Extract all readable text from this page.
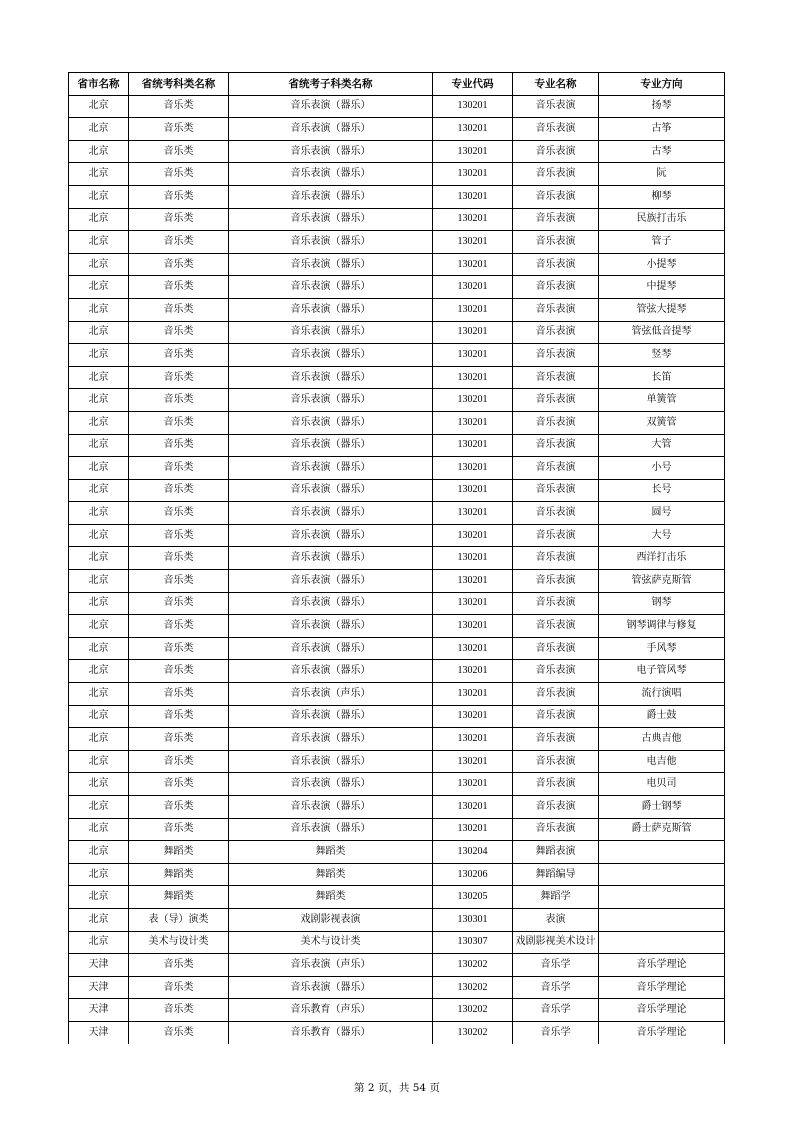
省市名称	省统考科类名称	省统考子科类名称	专业代码	专业名称	专业方向
北京	音乐类	音乐表演（器乐）	130201	音乐表演	扬琴
北京	音乐类	音乐表演（器乐）	130201	音乐表演	古筝
北京	音乐类	音乐表演（器乐）	130201	音乐表演	古琴
北京	音乐类	音乐表演（器乐）	130201	音乐表演	阮
北京	音乐类	音乐表演（器乐）	130201	音乐表演	柳琴
北京	音乐类	音乐表演（器乐）	130201	音乐表演	民族打击乐
北京	音乐类	音乐表演（器乐）	130201	音乐表演	管子
北京	音乐类	音乐表演（器乐）	130201	音乐表演	小提琴
北京	音乐类	音乐表演（器乐）	130201	音乐表演	中提琴
北京	音乐类	音乐表演（器乐）	130201	音乐表演	管弦大提琴
北京	音乐类	音乐表演（器乐）	130201	音乐表演	管弦低音提琴
北京	音乐类	音乐表演（器乐）	130201	音乐表演	竖琴
北京	音乐类	音乐表演（器乐）	130201	音乐表演	长笛
北京	音乐类	音乐表演（器乐）	130201	音乐表演	单簧管
北京	音乐类	音乐表演（器乐）	130201	音乐表演	双簧管
北京	音乐类	音乐表演（器乐）	130201	音乐表演	大管
北京	音乐类	音乐表演（器乐）	130201	音乐表演	小号
北京	音乐类	音乐表演（器乐）	130201	音乐表演	长号
北京	音乐类	音乐表演（器乐）	130201	音乐表演	圆号
北京	音乐类	音乐表演（器乐）	130201	音乐表演	大号
北京	音乐类	音乐表演（器乐）	130201	音乐表演	西洋打击乐
北京	音乐类	音乐表演（器乐）	130201	音乐表演	管弦萨克斯管
北京	音乐类	音乐表演（器乐）	130201	音乐表演	钢琴
北京	音乐类	音乐表演（器乐）	130201	音乐表演	钢琴调律与修复
北京	音乐类	音乐表演（器乐）	130201	音乐表演	手风琴
北京	音乐类	音乐表演（器乐）	130201	音乐表演	电子管风琴
北京	音乐类	音乐表演（声乐）	130201	音乐表演	流行演唱
北京	音乐类	音乐表演（器乐）	130201	音乐表演	爵士鼓
北京	音乐类	音乐表演（器乐）	130201	音乐表演	古典吉他
北京	音乐类	音乐表演（器乐）	130201	音乐表演	电吉他
北京	音乐类	音乐表演（器乐）	130201	音乐表演	电贝司
北京	音乐类	音乐表演（器乐）	130201	音乐表演	爵士钢琴
北京	音乐类	音乐表演（器乐）	130201	音乐表演	爵士萨克斯管
北京	舞蹈类	舞蹈类	130204	舞蹈表演	
北京	舞蹈类	舞蹈类	130206	舞蹈编导	
北京	舞蹈类	舞蹈类	130205	舞蹈学	
北京	表（导）演类	戏剧影视表演	130301	表演	
北京	美术与设计类	美术与设计类	130307	戏剧影视美术设计	
天津	音乐类	音乐表演（声乐）	130202	音乐学	音乐学理论
天津	音乐类	音乐表演（器乐）	130202	音乐学	音乐学理论
天津	音乐类	音乐教育（声乐）	130202	音乐学	音乐学理论
天津	音乐类	音乐教育（器乐）	130202	音乐学	音乐学理论
第 2 页，共 54 页
